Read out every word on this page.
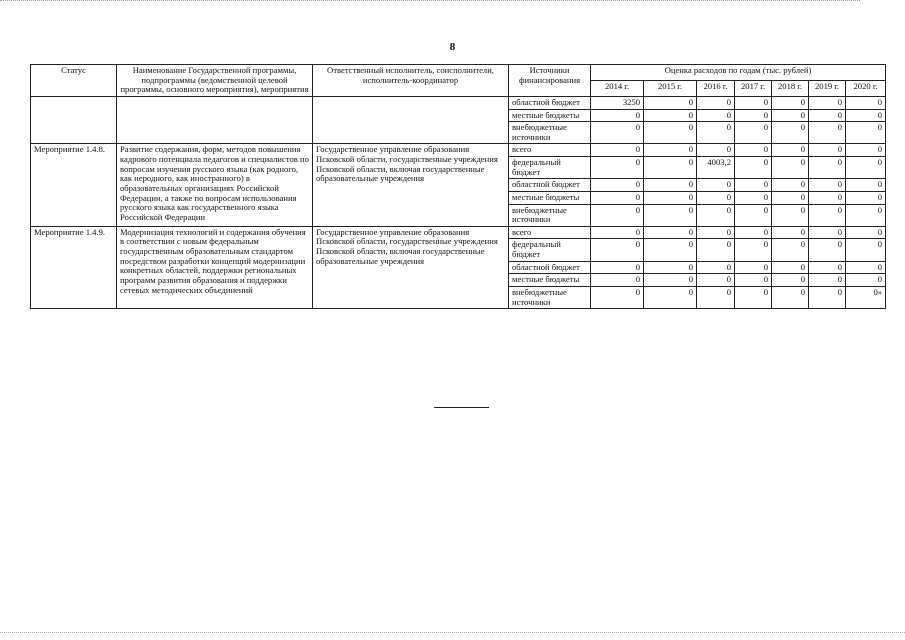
8
Статус	Наименование Государственной программы, подпрограммы (ведомственной целевой программы, основного мероприятия), мероприятия	Ответственный исполнитель, соисполнители, исполнитель-координатор	Источники финансирования	Оценка расходов по годам (тыс. рублей)						
				2014 г.	2015 г.	2016 г.	2017 г.	2018 г.	2019 г.	2020 г.
			областной бюджет	3250	0	0	0	0	0	0
			местные бюджеты	0	0	0	0	0	0	0
			внебюджетные источники	0	0	0	0	0	0	0
Мероприятие 1.4.8.	Развитие содержания, форм, методов повышения кадрового потенциала педагогов и специалистов по вопросам изучения русского языка (как родного, как неродного, как иностранного) в образовательных организациях Российской Федерации, а также по вопросам использования русского языка как государственного языка Российской Федерации	Государственное управление образования Псковской области, государственные учреждения Псковской области, включая государственные образовательные учреждения	всего	0	0	0	0	0	0	0
			федеральный бюджет	0	0	4003,2	0	0	0	0
			областной бюджет	0	0	0	0	0	0	0
			местные бюджеты	0	0	0	0	0	0	0
			внебюджетные источники	0	0	0	0	0	0	0
Мероприятие 1.4.9.	Модернизация технологий и содержания обучения в соответствии с новым федеральным государственным образовательным стандартом посредством разработки концепций модернизации конкретных областей, поддержки региональных программ развития образования и поддержки сетевых методических объединений	Государственное управление образования Псковской области, государственные учреждения Псковской области, включая государственные образовательные учреждения	всего	0	0	0	0	0	0	0
			федеральный бюджет	0	0	0	0	0	0	0
			областной бюджет	0	0	0	0	0	0	0
			местные бюджеты	0	0	0	0	0	0	0
			внебюджетные источники	0	0	0	0	0	0	0»
